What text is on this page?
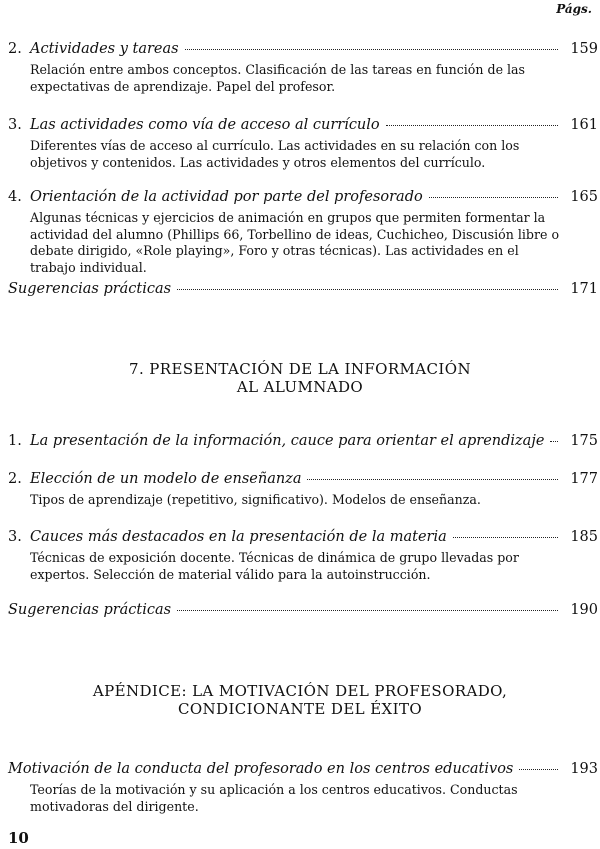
Págs.
2. Actividades y tareas	159
Relación entre ambos conceptos. Clasificación de las tareas en función de las expectativas de aprendizaje. Papel del profesor.
3. Las actividades como vía de acceso al currículo	161
Diferentes vías de acceso al currículo. Las actividades en su relación con los objetivos y contenidos. Las actividades y otros elementos del currículo.
4. Orientación de la actividad por parte del profesorado	165
Algunas técnicas y ejercicios de animación en grupos que permiten formentar la actividad del alumno (Phillips 66, Torbellino de ideas, Cuchicheo, Discusión libre o debate dirigido, «Role playing», Foro y otras técnicas). Las actividades en el trabajo individual.
Sugerencias prácticas	171
7. PRESENTACIÓN DE LA INFORMACIÓN
AL ALUMNADO
1. La presentación de la información, cauce para orientar el aprendizaje	175
2. Elección de un modelo de enseñanza	177
Tipos de aprendizaje (repetitivo, significativo). Modelos de enseñanza.
3. Cauces más destacados en la presentación de la materia	185
Técnicas de exposición docente. Técnicas de dinámica de grupo llevadas por expertos. Selección de material válido para la autoinstrucción.
Sugerencias prácticas	190
APÉNDICE: LA MOTIVACIÓN DEL PROFESORADO,
CONDICIONANTE DEL ÉXITO
Motivación de la conducta del profesorado en los centros educativos	193
Teorías de la motivación y su aplicación a los centros educativos. Conductas motivadoras del dirigente.
10
